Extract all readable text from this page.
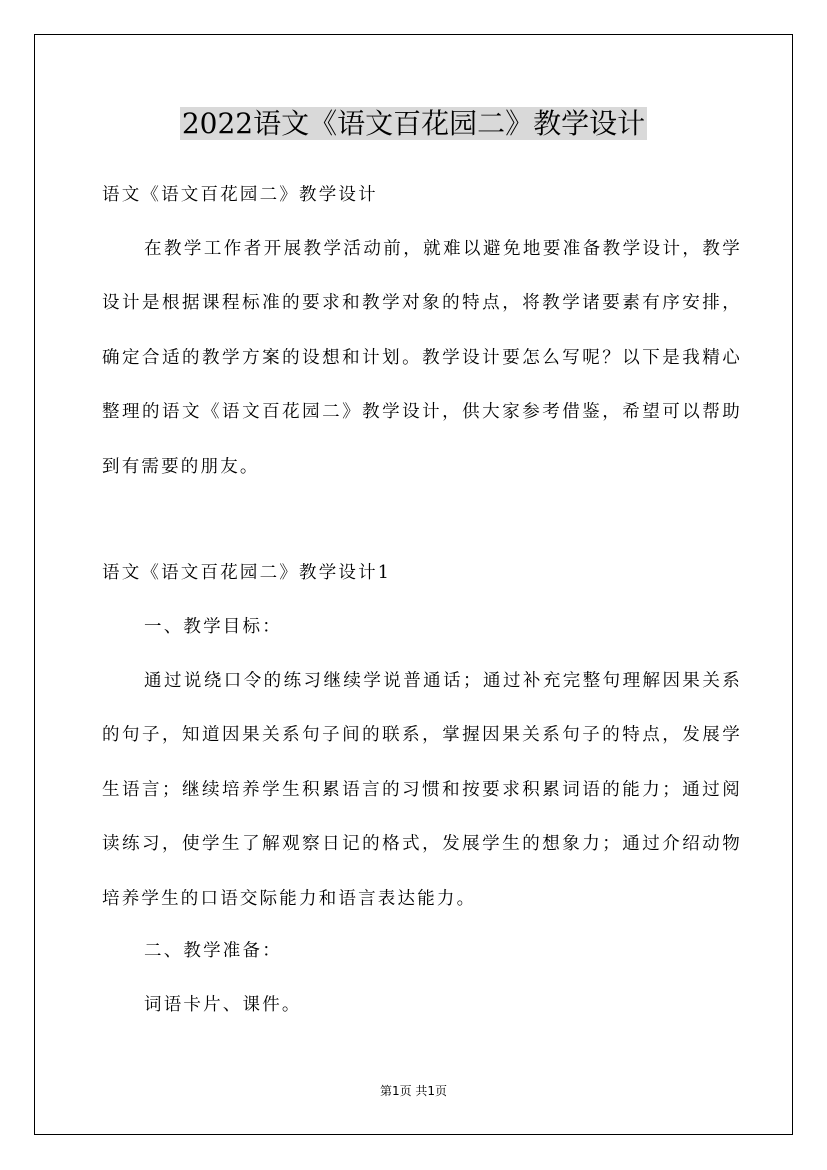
2022语文《语文百花园二》教学设计

语文《语文百花园二》教学设计

在教学工作者开展教学活动前，就难以避免地要准备教学设计，教学设计是根据课程标准的要求和教学对象的特点，将教学诸要素有序安排，确定合适的教学方案的设想和计划。教学设计要怎么写呢？以下是我精心整理的语文《语文百花园二》教学设计，供大家参考借鉴，希望可以帮助到有需要的朋友。

语文《语文百花园二》教学设计1

一、教学目标：

通过说绕口令的练习继续学说普通话；通过补充完整句理解因果关系的句子，知道因果关系句子间的联系，掌握因果关系句子的特点，发展学生语言；继续培养学生积累语言的习惯和按要求积累词语的能力；通过阅读练习，使学生了解观察日记的格式，发展学生的想象力；通过介绍动物培养学生的口语交际能力和语言表达能力。

二、教学准备：

词语卡片、课件。

第1页 共1页
